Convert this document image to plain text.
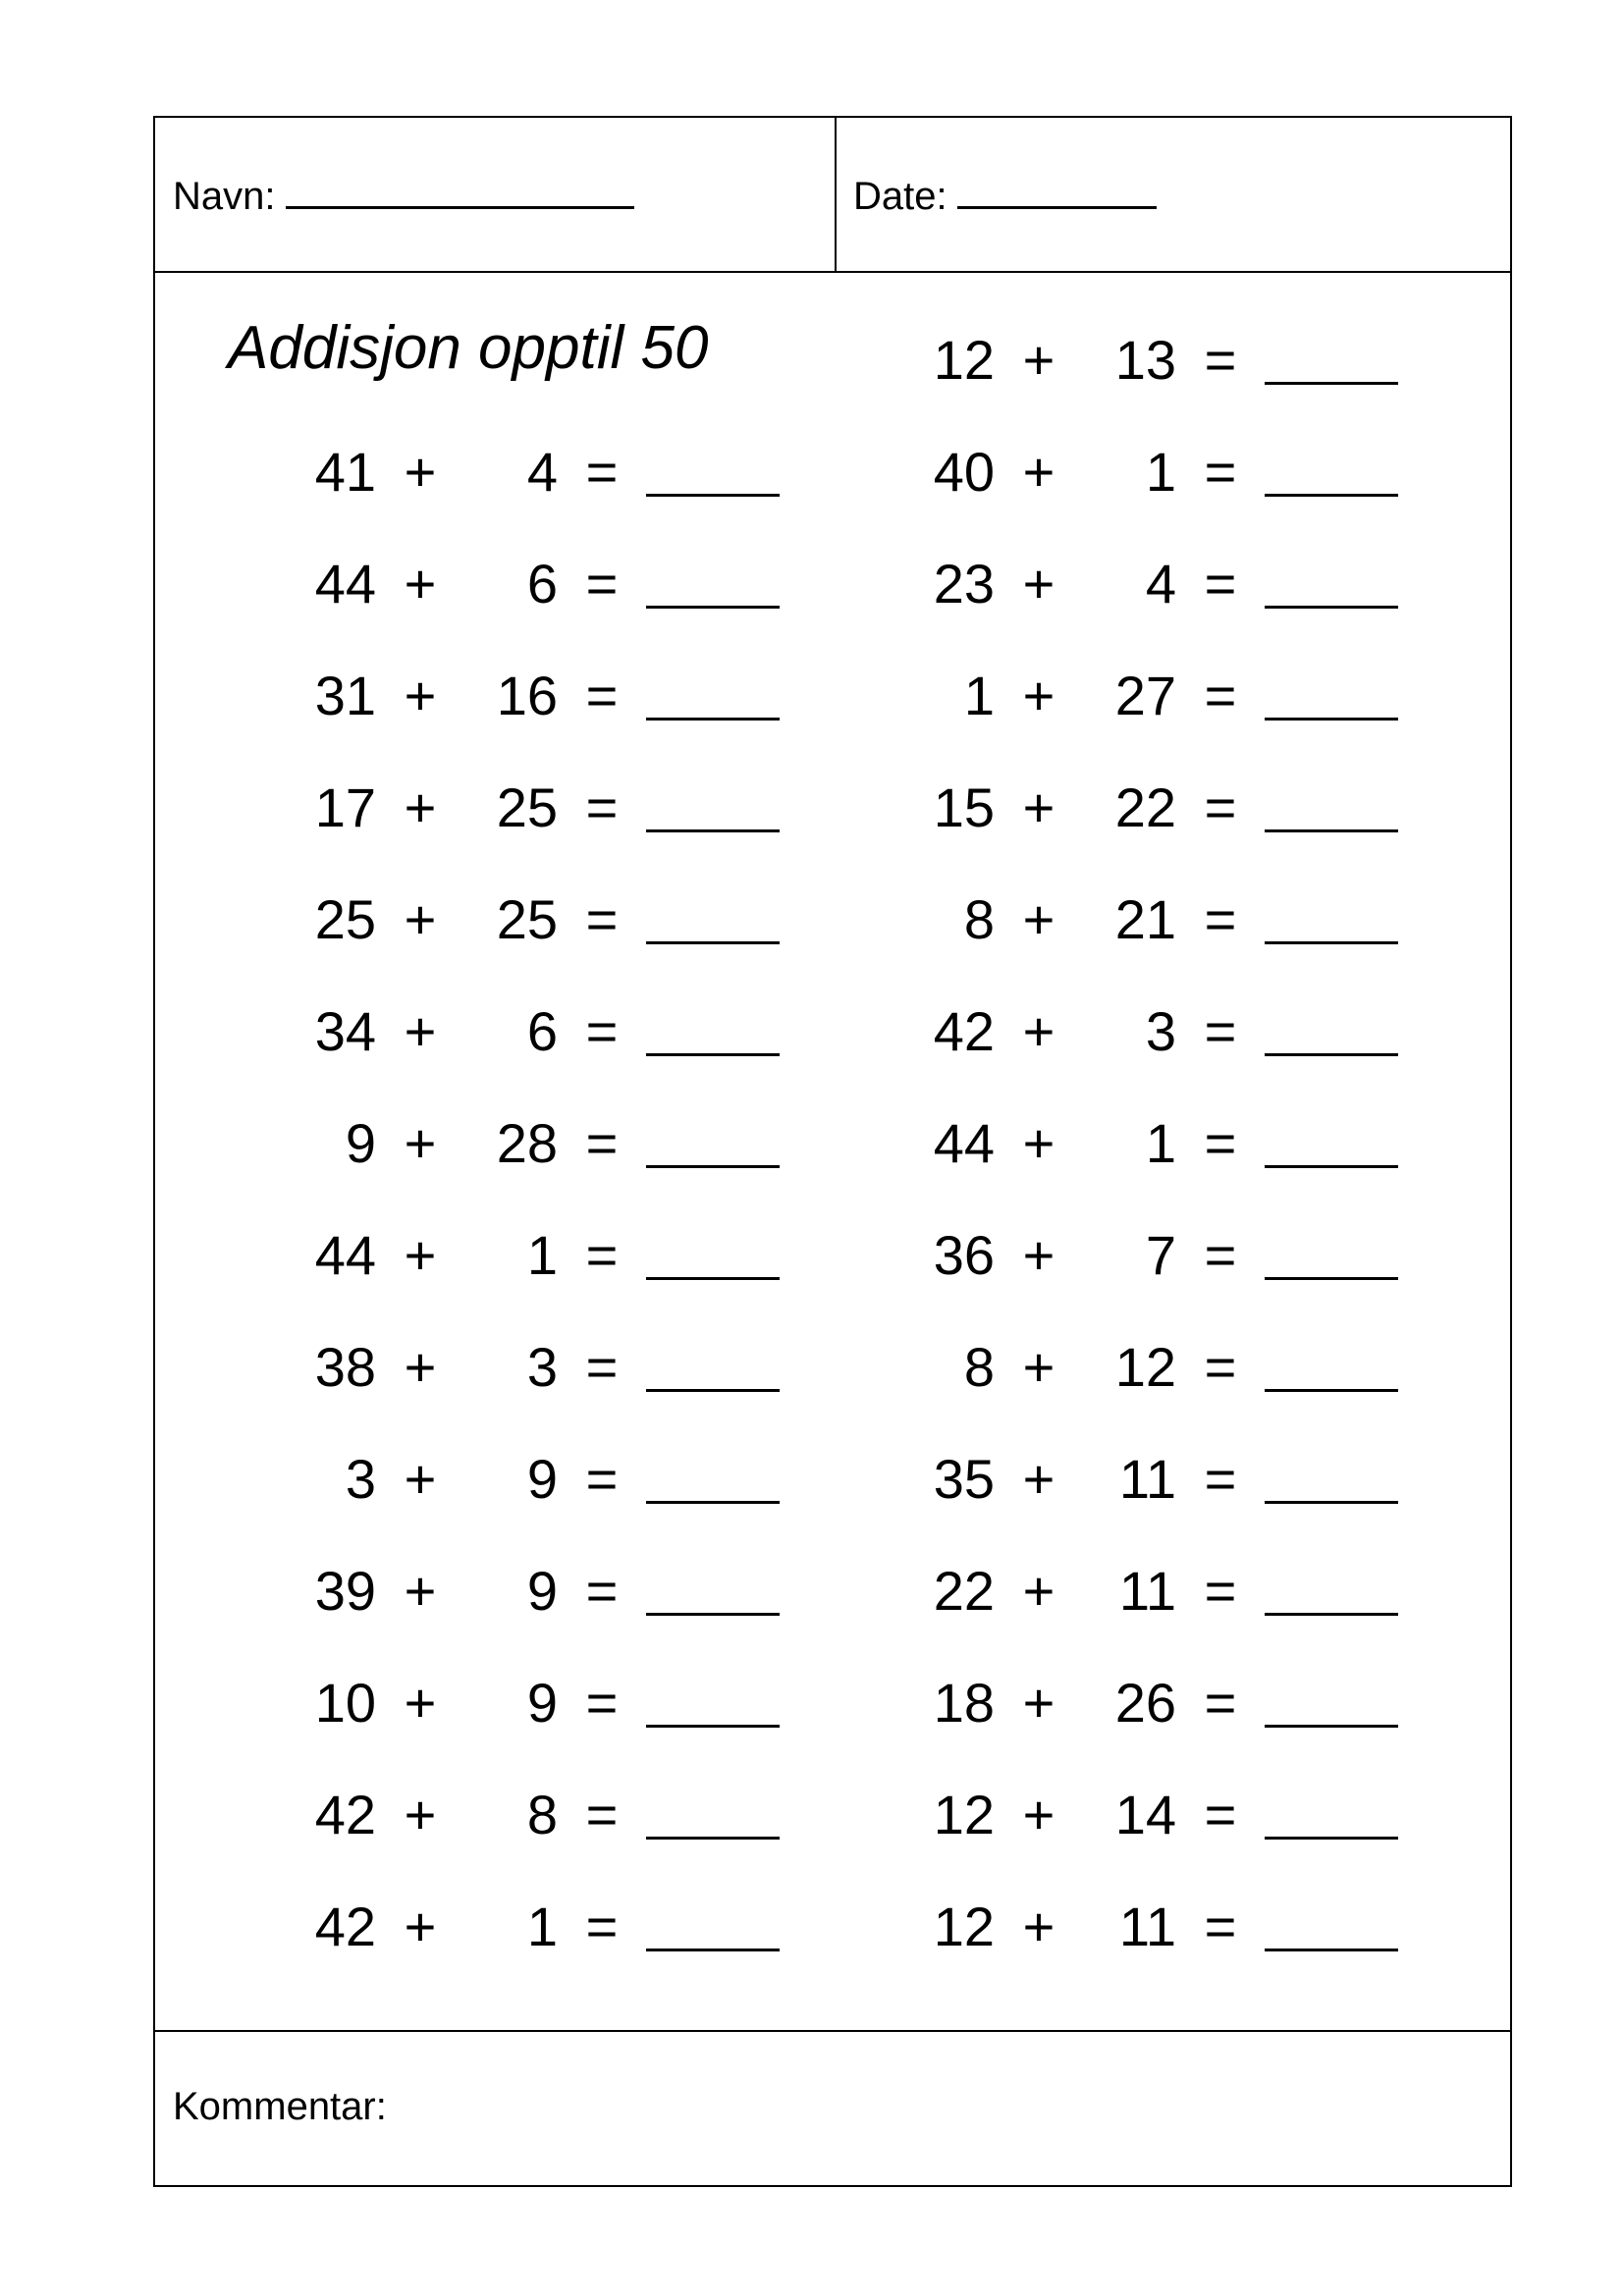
Navn:	Date:
Addisjon opptil 50
41 +	4 =
44 +	6 =
31 +	16 =
17 +	25 =
25 +	25 =
34 +	6 =
9 +	28 =
44 +	1 =
38 +	3 =
3 +	9 =
39 +	9 =
10 +	9 =
42 +	8 =
42 +	1 =
12 +	13 =
40 +	1 =
23 +	4 =
1 +	27 =
15 +	22 =
8 +	21 =
42 +	3 =
44 +	1 =
36 +	7 =
8 +	12 =
35 +	11 =
22 +	11 =
18 +	26 =
12 +	14 =
12 +	11 =
Kommentar:
